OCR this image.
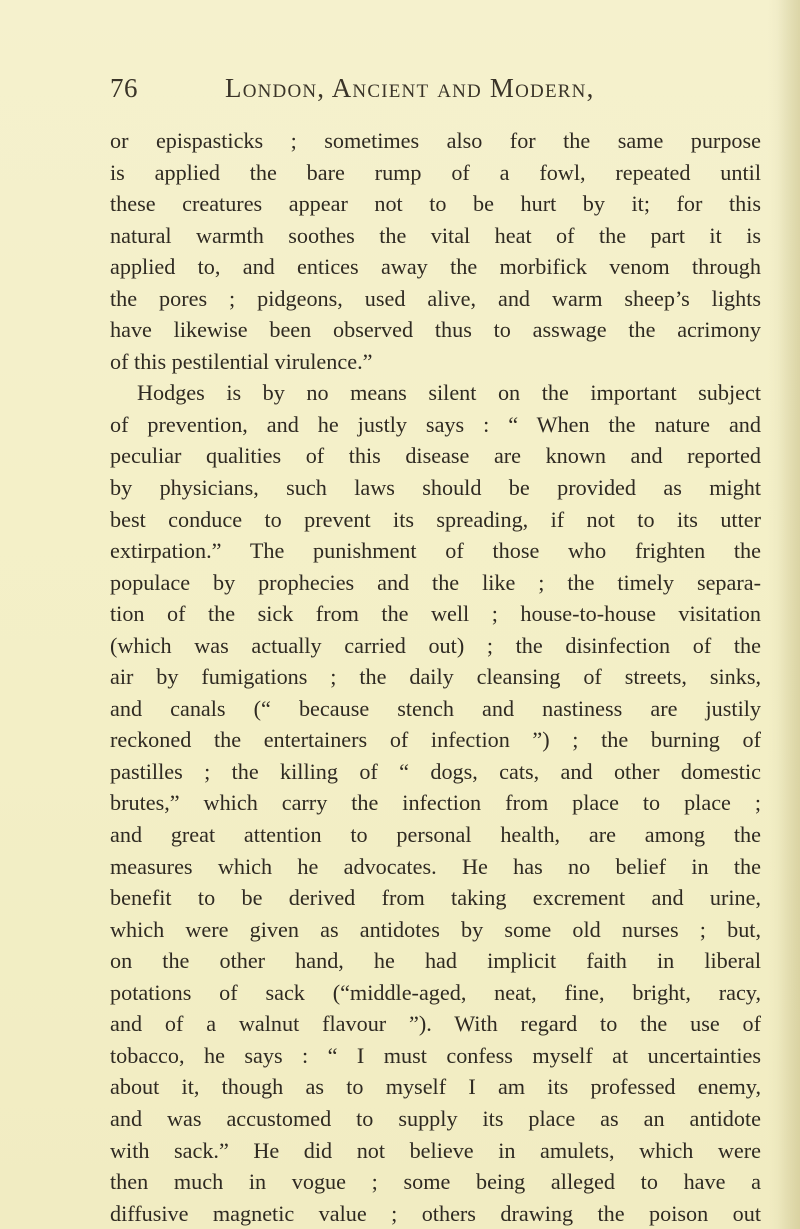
76	London, Ancient and Modern,
or epispasticks ; sometimes also for the same purpose
is applied the bare rump of a fowl, repeated until
these creatures appear not to be hurt by it; for this
natural warmth soothes the vital heat of the part it is
applied to, and entices away the morbifick venom through
the pores ; pidgeons, used alive, and warm sheep’s lights
have likewise been observed thus to asswage the acrimony
of this pestilential virulence.”
Hodges is by no means silent on the important subject
of prevention, and he justly says : “ When the nature and
peculiar qualities of this disease are known and reported
by physicians, such laws should be provided as might
best conduce to prevent its spreading, if not to its utter
extirpation.” The punishment of those who frighten the
populace by prophecies and the like ; the timely separa-
tion of the sick from the well ; house-to-house visitation
(which was actually carried out) ; the disinfection of the
air by fumigations ; the daily cleansing of streets, sinks,
and canals (“ because stench and nastiness are justily
reckoned the entertainers of infection ”) ; the burning of
pastilles ; the killing of “ dogs, cats, and other domestic
brutes,” which carry the infection from place to place ;
and great attention to personal health, are among the
measures which he advocates. He has no belief in the
benefit to be derived from taking excrement and urine,
which were given as antidotes by some old nurses ; but,
on the other hand, he had implicit faith in liberal
potations of sack (“middle-aged, neat, fine, bright, racy,
and of a walnut flavour ”). With regard to the use of
tobacco, he says : “ I must confess myself at uncertainties
about it, though as to myself I am its professed enemy,
and was accustomed to supply its place as an antidote
with sack.” He did not believe in amulets, which were
then much in vogue ; some being alleged to have a
diffusive magnetic value ; others drawing the poison out
